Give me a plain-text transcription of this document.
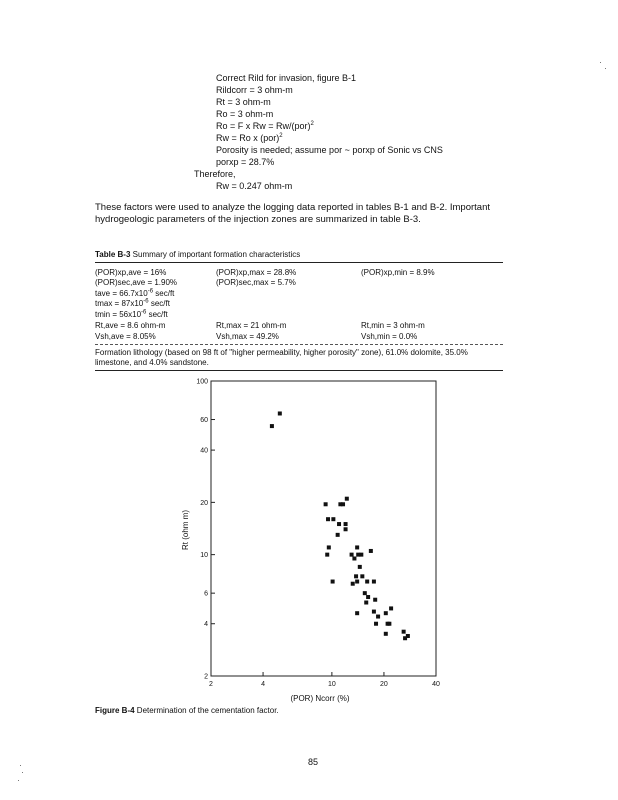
Correct Rild for invasion, figure B-1
Rildcorr = 3 ohm-m
Rt = 3 ohm-m
Ro = 3 ohm-m
Ro = F x Rw = Rw/(por)$^2$
Rw = Ro x (por)$^2$
Porosity is needed; assume por ~ porxp of Sonic vs CNS
porxp = 28.7%
Therefore,
Rw = 0.247 ohm-m
These factors were used to analyze the logging data reported in tables B-1 and B-2. Important hydrogeologic parameters of the injection zones are summarized in table B-3.
Table B-3 Summary of important formation characteristics
(POR)xp,ave = 16%	(POR)xp,max = 28.8%	(POR)xp,min = 8.9%
(POR)sec,ave = 1.90%	(POR)sec,max = 5.7%
tave = $66.7x10^{-6}$ sec/ft
$tmax = 87x10^{-6}$ sec/ft
$tmin = 56x10^{-6}$ sec/ft
Rt,ave = 8.6 ohm-m	Rt,max = 21 ohm-m	Rt,min = 3 ohm-m
Vsh,ave = 8.05%	Vsh,max = 49.2%	Vsh,min = 0.0%
Formation lithology (based on 98 ft of "higher permeability, higher porosity" zone), 61.0% dolomite, 35.0%
limestone, and 4.0% sandstone.
2	4	10	20	40
2
4
6
10
20
40
60
100
(POR) Ncorr (%)
Rt (ohm m)
Figure B-4 Determination of the cementation factor.
85
